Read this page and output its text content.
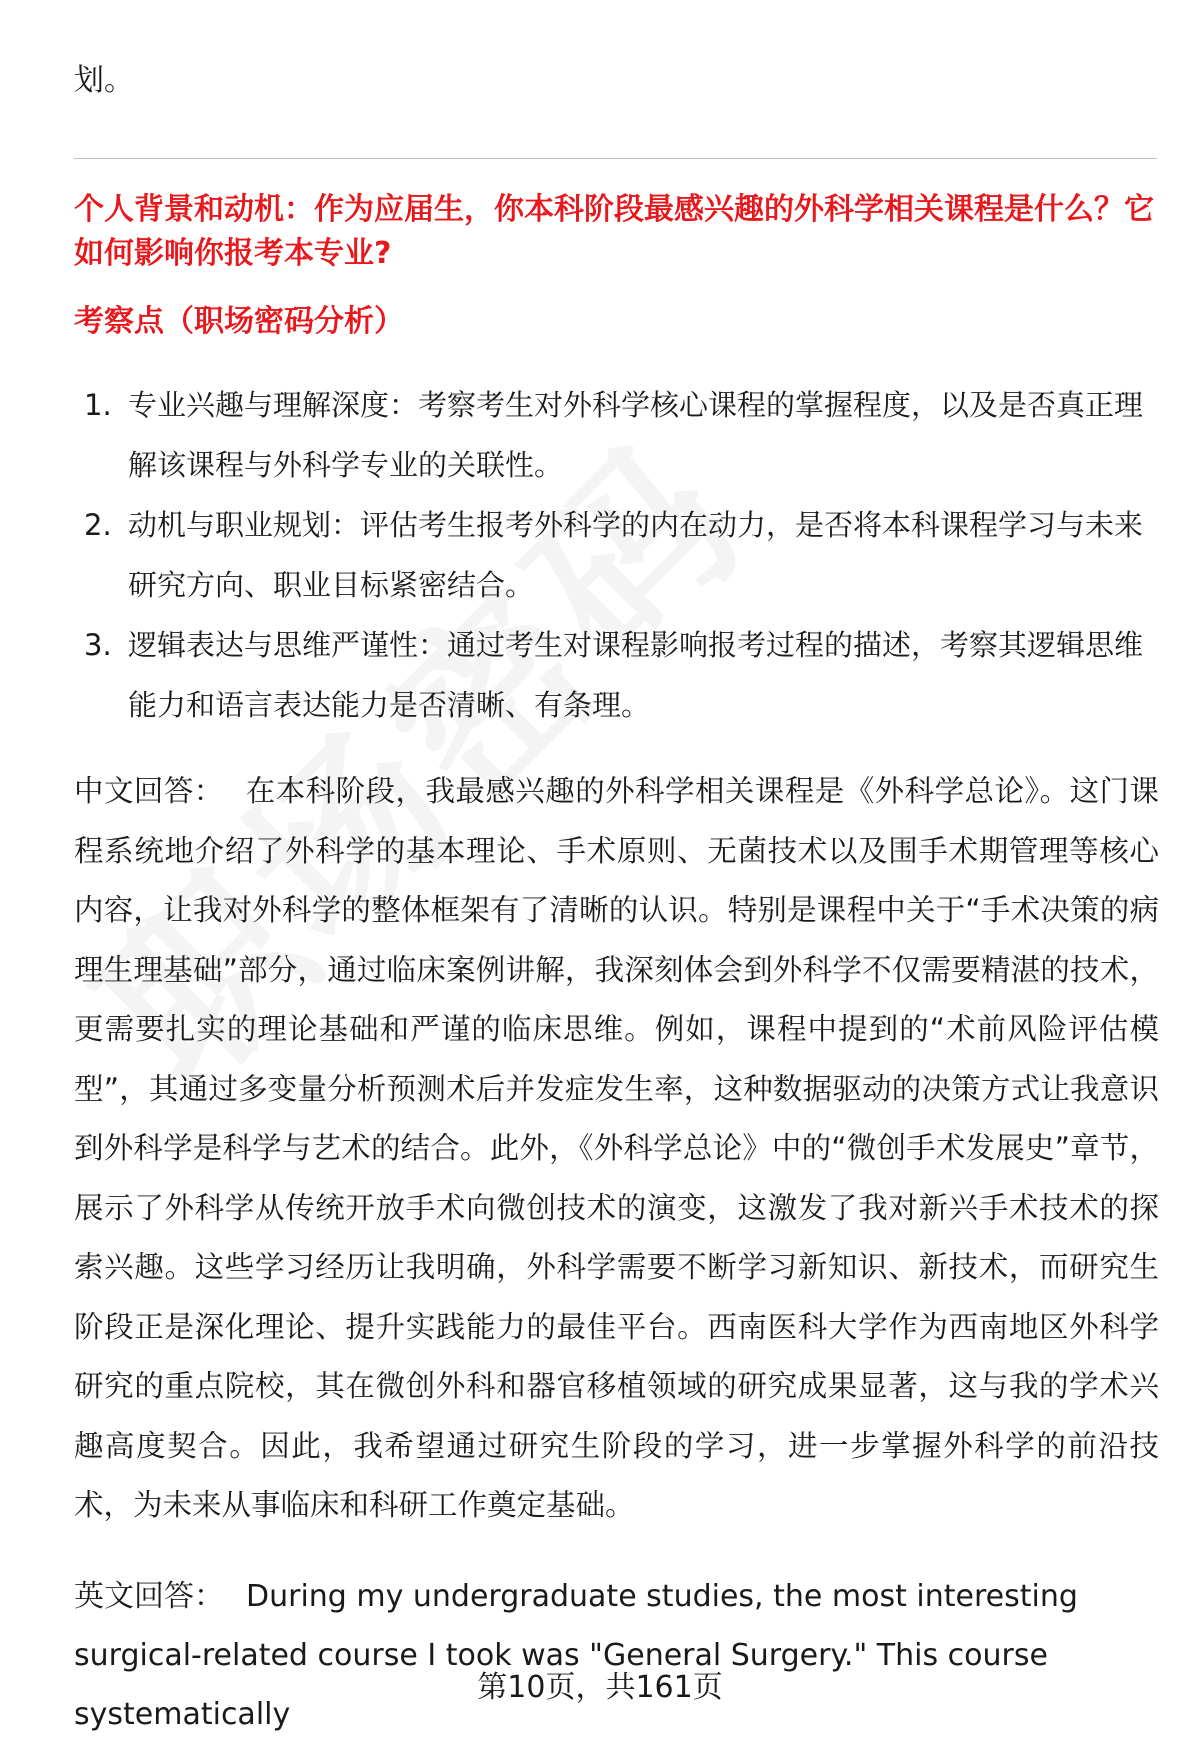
划。
个人背景和动机：作为应届生，你本科阶段最感兴趣的外科学相关课程是什么？它如何影响你报考本专业?
考察点（职场密码分析）
1. 专业兴趣与理解深度：考察考生对外科学核心课程的掌握程度，以及是否真正理解该课程与外科学专业的关联性。
2. 动机与职业规划：评估考生报考外科学的内在动力，是否将本科课程学习与未来研究方向、职业目标紧密结合。
3. 逻辑表达与思维严谨性：通过考生对课程影响报考过程的描述，考察其逻辑思维能力和语言表达能力是否清晰、有条理。
中文回答： 在本科阶段，我最感兴趣的外科学相关课程是《外科学总论》。这门课程系统地介绍了外科学的基本理论、手术原则、无菌技术以及围手术期管理等核心内容，让我对外科学的整体框架有了清晰的认识。特别是课程中关于“手术决策的病理生理基础”部分，通过临床案例讲解，我深刻体会到外科学不仅需要精湛的技术，更需要扎实的理论基础和严谨的临床思维。例如，课程中提到的“术前风险评估模型”，其通过多变量分析预测术后并发症发生率，这种数据驱动的决策方式让我意识到外科学是科学与艺术的结合。此外，《外科学总论》中的“微创手术发展史”章节，展示了外科学从传统开放手术向微创技术的演变，这激发了我对新兴手术技术的探索兴趣。这些学习经历让我明确，外科学需要不断学习新知识、新技术，而研究生阶段正是深化理论、提升实践能力的最佳平台。西南医科大学作为西南地区外科学研究的重点院校，其在微创外科和器官移植领域的研究成果显著，这与我的学术兴趣高度契合。因此，我希望通过研究生阶段的学习，进一步掌握外科学的前沿技术，为未来从事临床和科研工作奠定基础。
英文回答： During my undergraduate studies, the most interesting surgical-related course I took was "General Surgery." This course systematically
第10页，共161页
